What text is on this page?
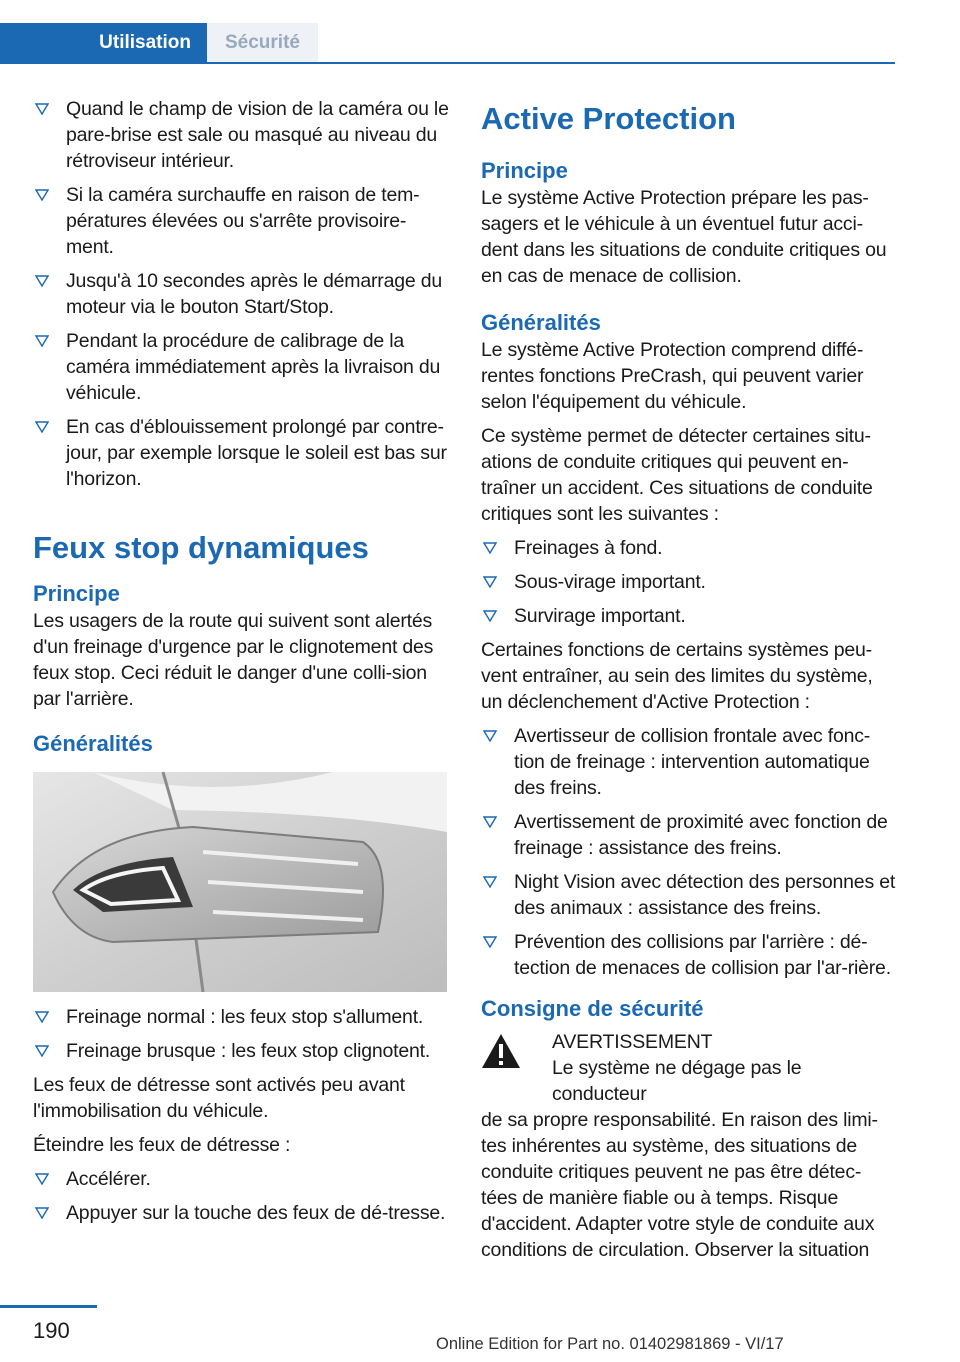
Utilisation	Sécurité
Quand le champ de vision de la caméra ou le pare-brise est sale ou masqué au niveau du rétroviseur intérieur.
Si la caméra surchauffe en raison de tem-pératures élevées ou s'arrête provisoire-ment.
Jusqu'à 10 secondes après le démarrage du moteur via le bouton Start/Stop.
Pendant la procédure de calibrage de la caméra immédiatement après la livraison du véhicule.
En cas d'éblouissement prolongé par contre-jour, par exemple lorsque le soleil est bas sur l'horizon.
Feux stop dynamiques
Principe

Les usagers de la route qui suivent sont alertés d'un freinage d'urgence par le clignotement des feux stop. Ceci réduit le danger d'une colli-sion par l'arrière.

Généralités
Freinage normal : les feux stop s'allument.
Freinage brusque : les feux stop clignotent.

Les feux de détresse sont activés peu avant l'immobilisation du véhicule.

Éteindre les feux de détresse :

Accélérer.
Appuyer sur la touche des feux de dé-tresse.
Active Protection
Principe

Le système Active Protection prépare les pas-sagers et le véhicule à un éventuel futur acci-dent dans les situations de conduite critiques ou en cas de menace de collision.

Généralités

Le système Active Protection comprend diffé-rentes fonctions PreCrash, qui peuvent varier selon l'équipement du véhicule.

Ce système permet de détecter certaines situ-ations de conduite critiques qui peuvent en-traîner un accident. Ces situations de conduite critiques sont les suivantes :

Freinages à fond.
Sous-virage important.
Survirage important.

Certaines fonctions de certains systèmes peu-vent entraîner, au sein des limites du système, un déclenchement d'Active Protection :

Avertisseur de collision frontale avec fonc-tion de freinage : intervention automatique des freins.
Avertissement de proximité avec fonction de freinage : assistance des freins.
Night Vision avec détection des personnes et des animaux : assistance des freins.
Prévention des collisions par l'arrière : dé-tection de menaces de collision par l'ar-rière.
Consigne de sécurité
AVERTISSEMENT
Le système ne dégage pas le conducteur

de sa propre responsabilité. En raison des limi-tes inhérentes au système, des situations de conduite critiques peuvent ne pas être détec-tées de manière fiable ou à temps. Risque d'accident. Adapter votre style de conduite aux conditions de circulation. Observer la situation

190
Online Edition for Part no. 01402981869 - VI/17
